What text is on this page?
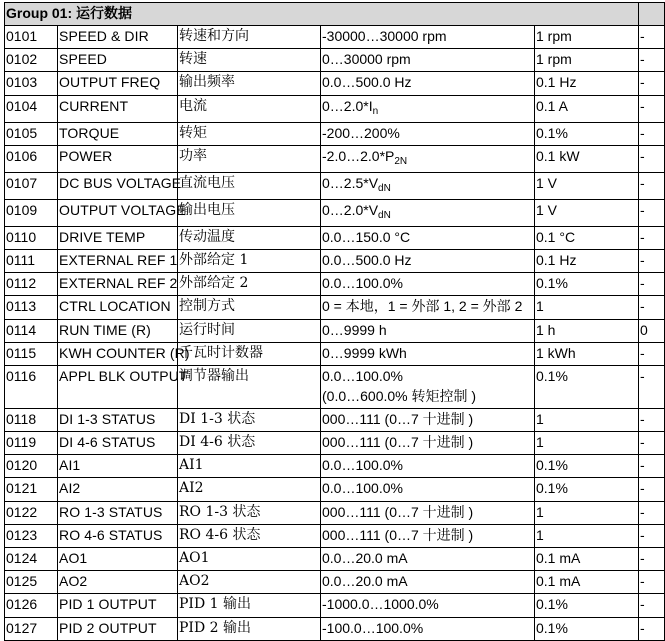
Group 01: 运行数据					
0101	SPEED & DIR	转速和方向	-30000…30000 rpm	1 rpm	-
0102	SPEED	转速	0…30000 rpm	1 rpm	-
0103	OUTPUT FREQ	输出频率	0.0…500.0 Hz	0.1 Hz	-
0104	CURRENT	电流	$0\dots 2.0*I_n$	0.1 A	-
0105	TORQUE	转矩	-200…200%	0.1%	-
0106	POWER	功率	$-2.0\dots 2.0*P_{2N}$	0.1 kW	-
0107	DC BUS VOLTAGE	直流电压	$0\dots 2.5*V_{dN}$	1 V	-
0109	OUTPUT VOLTAGE	输出电压	$0\dots 2.0*V_{dN}$	1 V	-
0110	DRIVE TEMP	传动温度	0.0…150.0 °C	0.1 °C	-
0111	EXTERNAL REF 1	外部给定 1	0.0…500.0 Hz	0.1 Hz	-
0112	EXTERNAL REF 2	外部给定 2	0.0…100.0%	0.1%	-
0113	CTRL LOCATION	控制方式	0 = 本地，1 = 外部 1, 2 = 外部 2	1	-
0114	RUN TIME (R)	运行时间	0…9999 h	1 h	0
0115	KWH COUNTER (R)	千瓦时计数器	0…9999 kWh	1 kWh	-
0116	APPL BLK OUTPUT	调节器输出	0.0…100.0%
(0.0…600.0% 转矩控制 )	0.1%	-
0118	DI 1-3 STATUS	DI 1-3 状态	000…111 (0…7 十进制 )	1	-
0119	DI 4-6 STATUS	DI 4-6 状态	000…111 (0…7 十进制 )	1	-
0120	AI1	AI1	0.0…100.0%	0.1%	-
0121	AI2	AI2	0.0…100.0%	0.1%	-
0122	RO 1-3 STATUS	RO 1-3 状态	000…111 (0…7 十进制 )	1	-
0123	RO 4-6 STATUS	RO 4-6 状态	000…111 (0…7 十进制 )	1	-
0124	AO1	AO1	0.0…20.0 mA	0.1 mA	-
0125	AO2	AO2	0.0…20.0 mA	0.1 mA	-
0126	PID 1 OUTPUT	PID 1 输出	-1000.0…1000.0%	0.1%	-
0127	PID 2 OUTPUT	PID 2 输出	-100.0…100.0%	0.1%	-
